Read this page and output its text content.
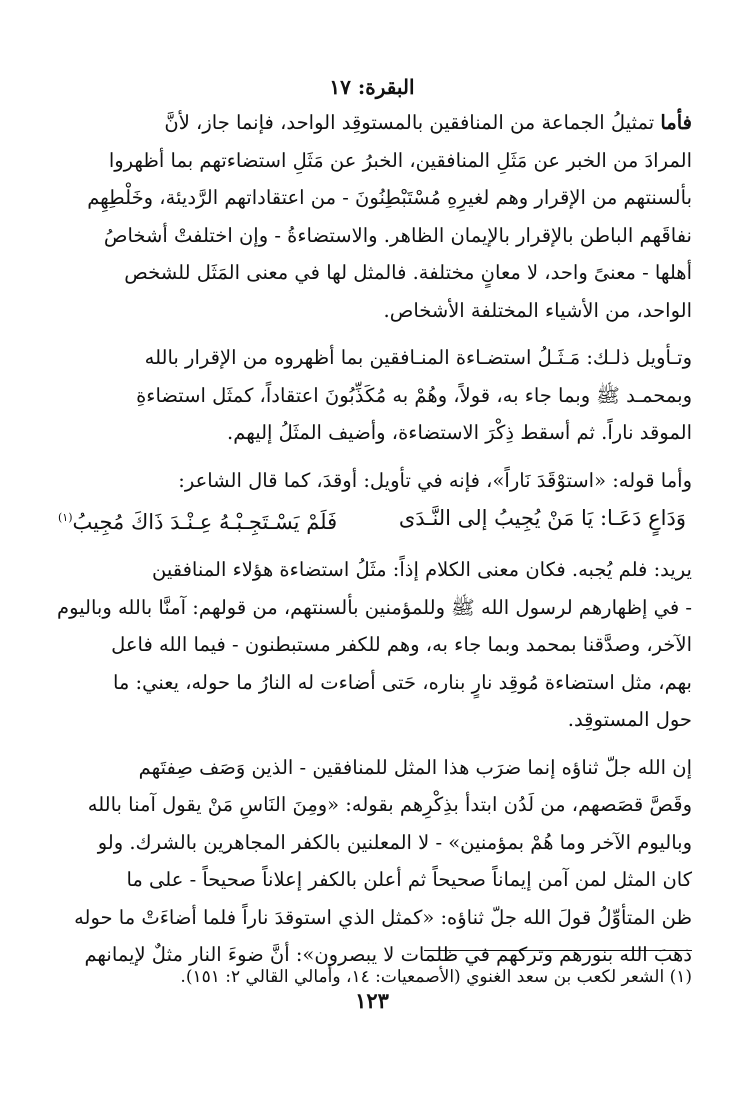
البقرة: ١٧
فأما تمثيلُ الجماعة من المنافقين بالمستوقِد الواحد، فإنما جاز، لأنَّ
المرادَ من الخبر عن مَثَلِ المنافقين، الخبرُ عن مَثَلِ استضاءتهم بما أظهروا
بألسنتهم من الإقرار وهم لغيرِهِ مُسْتَبْطِنُونَ - من اعتقاداتهم الرَّديئة، وخَلْطِهِم
نفاقَهم الباطن بالإقرار بالإيمان الظاهر. والاستضاءةُ - وإن اختلفتْ أشخاصُ
أهلها - معنىً واحد، لا معانٍ مختلفة. فالمثل لها في معنى المَثَل للشخص
الواحد، من الأشياء المختلفة الأشخاص.
وتـأويل ذلـك: مَـثَـلُ استضـاءة المنـافقين بما أظهروه من الإقرار بالله
وبمحمـد ﷺ وبما جاء به، قولاً، وهُمْ به مُكَذِّبُونَ اعتقاداً، كمثَل استضاءةِ
الموقد ناراً. ثم أسقط ذِكْرَ الاستضاءة، وأضيف المثَلُ إليهم.
وأما قوله: «استوْقَدَ نَاراً»، فإنه في تأويل: أوقدَ، كما قال الشاعر:
وَدَاعٍ دَعَـا: يَا مَنْ يُجِيبُ إلى النَّـدَى
فَلَمْ يَسْـتَجِـبْـهُ عِـنْـدَ ذَاكَ مُجِيبُ$^{(١)}$
يريد: فلم يُجبه. فكان معنى الكلام إذاً: مثَلُ استضاءة هؤلاء المنافقين
- في إظهارهم لرسول الله ﷺ وللمؤمنين بألسنتهم، من قولهم: آمنَّا بالله وباليوم
الآخر، وصدَّقنا بمحمد وبما جاء به، وهم للكفر مستبطنون - فيما الله فاعل
بهم، مثل استضاءة مُوقِد نارٍ بناره، حَتى أضاءت له النارُ ما حوله، يعني: ما
حول المستوقِد.
إن الله جلّ ثناؤه إنما ضرَب هذا المثل للمنافقين - الذين وَصَف صِفتَهم
وقَصَّ قصَصهم، من لَدُن ابتدأ بذِكْرِهم بقوله: «ومِنَ النَاسِ مَنْ يقول آمنا بالله
وباليوم الآخر وما هُمْ بمؤمنين» - لا المعلنين بالكفر المجاهرين بالشرك. ولو
كان المثل لمن آمن إيماناً صحيحاً ثم أعلن بالكفر إعلاناً صحيحاً - على ما
ظن المتأوِّلُ قولَ الله جلّ ثناؤه: «كمثل الذي استوقدَ ناراً فلما أضاءَتْ ما حوله
ذهبَ الله بنورهم وتركهم في ظلمات لا يبصرون»: أنَّ ضوءَ النار مثلٌ لإيمانهم
(١) الشعر لكعب بن سعد الغنوي (الأصمعيات: ١٤، وأمالي القالي ٢: ١٥١).
١٢٣
